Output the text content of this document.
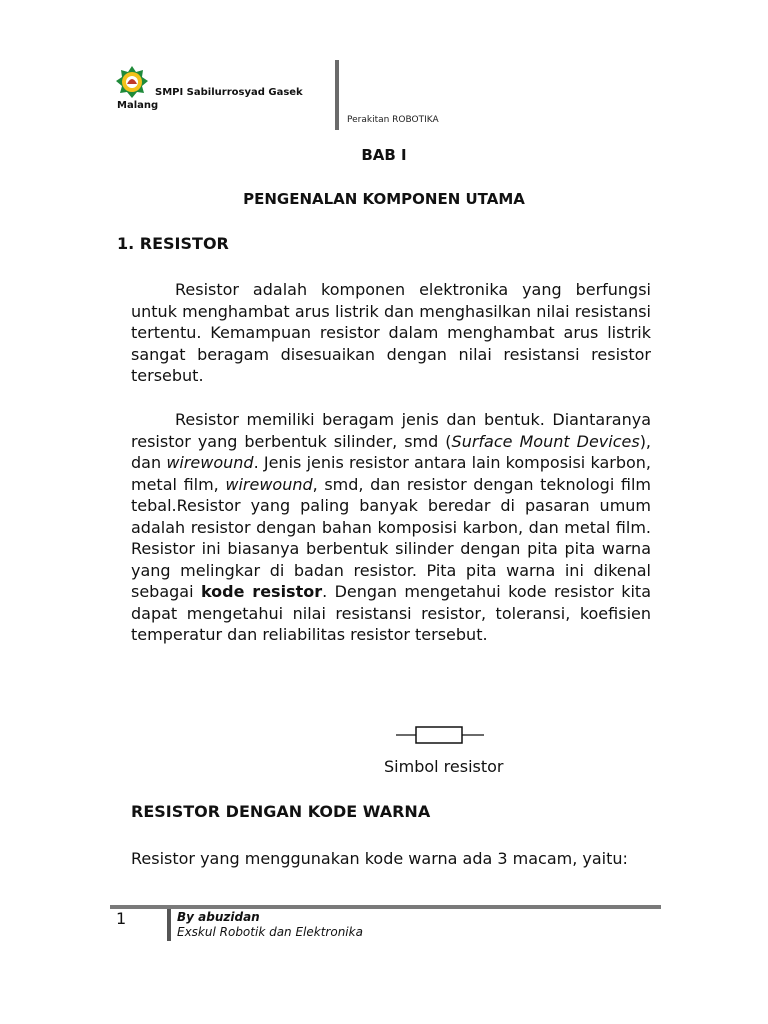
SMPI Sabilurrosyad Gasek
Malang
Perakitan ROBOTIKA
BAB I
PENGENALAN KOMPONEN UTAMA
1. RESISTOR
Resistor adalah komponen elektronika yang berfungsi untuk menghambat arus listrik dan menghasilkan nilai resistansi tertentu. Kemampuan resistor dalam menghambat arus listrik sangat beragam disesuaikan dengan nilai resistansi resistor tersebut.
Resistor memiliki beragam jenis dan bentuk. Diantaranya resistor yang berbentuk silinder, smd (Surface Mount Devices), dan wirewound. Jenis jenis resistor antara lain komposisi karbon, metal film, wirewound, smd, dan resistor dengan teknologi film tebal.Resistor yang paling banyak beredar di pasaran umum adalah resistor dengan bahan komposisi karbon, dan metal film. Resistor ini biasanya berbentuk silinder dengan pita pita warna yang melingkar di badan resistor. Pita pita warna ini dikenal sebagai kode resistor. Dengan mengetahui kode resistor kita dapat mengetahui nilai resistansi resistor, toleransi, koefisien temperatur dan reliabilitas resistor tersebut.
Simbol resistor
RESISTOR DENGAN KODE WARNA
Resistor yang menggunakan kode warna ada 3 macam, yaitu:
1	By abuzidan
Exskul Robotik dan Elektronika
